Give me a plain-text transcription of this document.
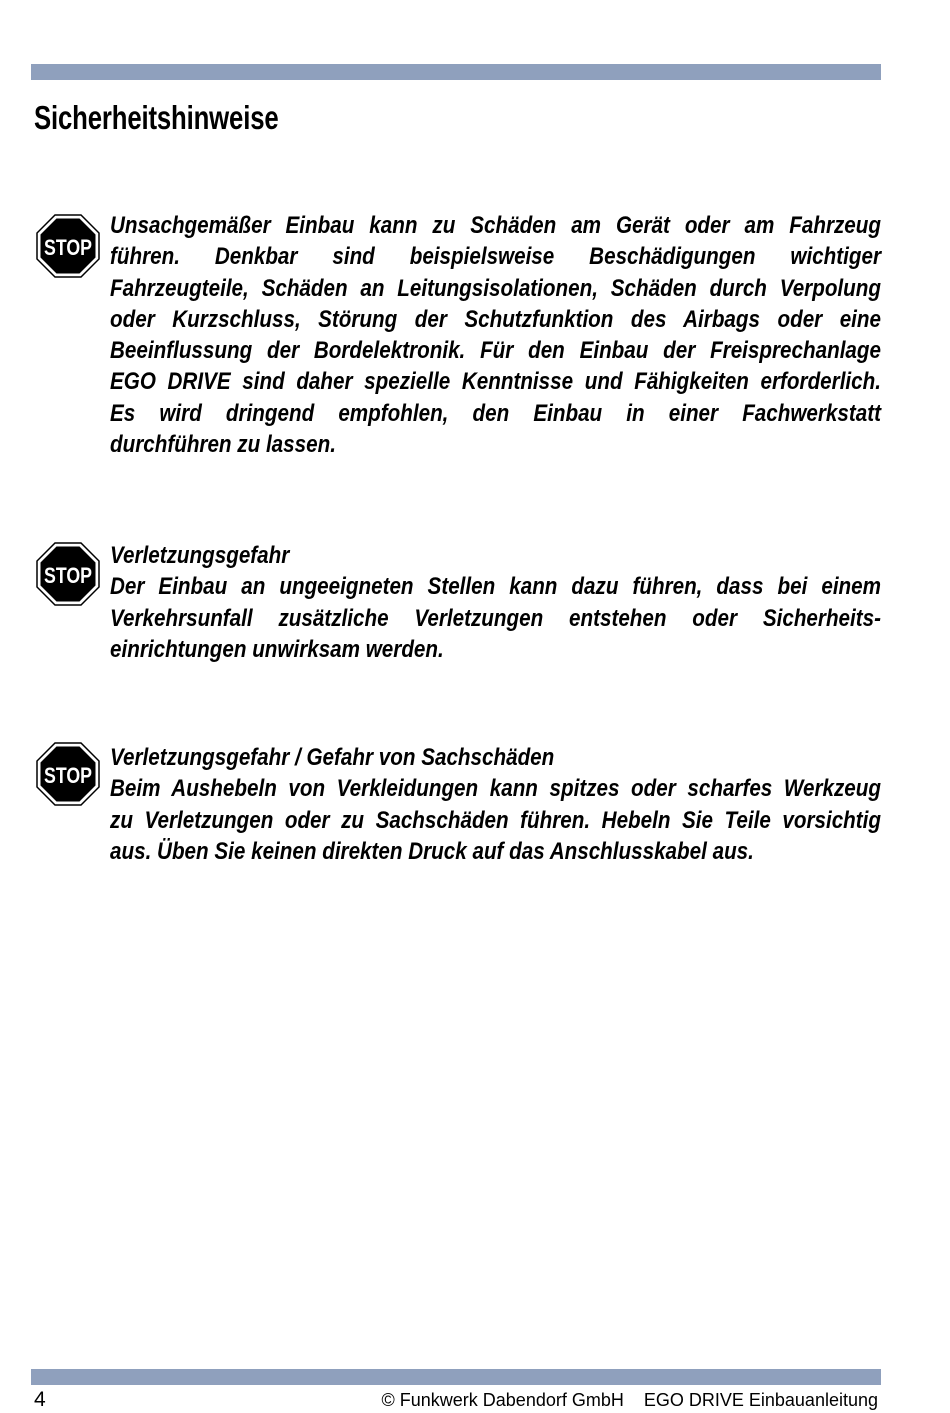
Sicherheitshinweise
STOP
Unsachgemäßer Einbau kann zu Schäden am Gerät oder am Fahrzeug
führen. Denkbar sind beispielsweise Beschädigungen wichtiger
Fahrzeugteile, Schäden an Leitungsisolationen, Schäden durch Verpolung
oder Kurzschluss, Störung der Schutzfunktion des Airbags oder eine
Beeinflussung der Bordelektronik. Für den Einbau der Freisprechanlage
EGO DRIVE sind daher spezielle Kenntnisse und Fähigkeiten erforderlich.
Es wird dringend empfohlen, den Einbau in einer Fachwerkstatt
durchführen zu lassen.
STOP
Verletzungsgefahr
Der Einbau an ungeeigneten Stellen kann dazu führen, dass bei einem
Verkehrsunfall zusätzliche Verletzungen entstehen oder Sicherheits-
einrichtungen unwirksam werden.
STOP
Verletzungsgefahr / Gefahr von Sachschäden
Beim Aushebeln von Verkleidungen kann spitzes oder scharfes Werkzeug
zu Verletzungen oder zu Sachschäden führen. Hebeln Sie Teile vorsichtig
aus. Üben Sie keinen direkten Druck auf das Anschlusskabel aus.
4	© Funkwerk Dabendorf GmbH EGO DRIVE Einbauanleitung
